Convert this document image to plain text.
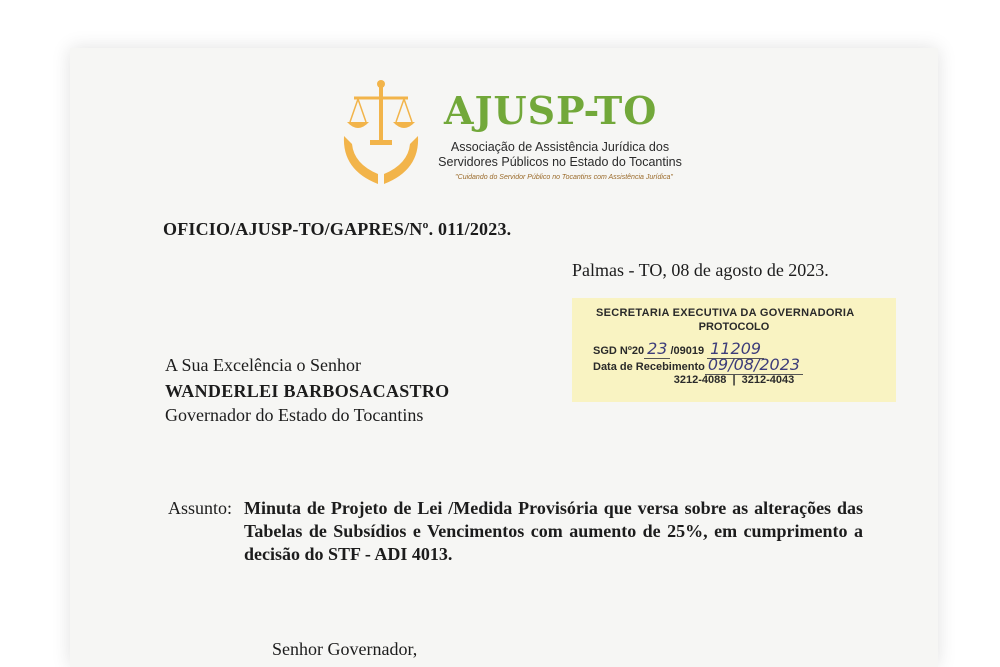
AJUSP-TO
Associação de Assistência Jurídica dos
Servidores Públicos no Estado do Tocantins
"Cuidando do Servidor Público no Tocantins com Assistência Jurídica"
OFICIO/AJUSP-TO/GAPRES/Nº. 011/2023.
Palmas - TO, 08 de agosto de 2023.
SECRETARIA EXECUTIVA DA GOVERNADORIA
PROTOCOLO
SGD Nº20 23 /09019 11209
Data de Recebimento 09/08/2023
3212-4088  |  3212-4043
A Sua Excelência o Senhor
WANDERLEI BARBOSACASTRO
Governador do Estado do Tocantins
Assunto: Minuta de Projeto de Lei /Medida Provisória que versa sobre as alterações das Tabelas de Subsídios e Vencimentos com aumento de 25%, em cumprimento a decisão do STF - ADI 4013.
Senhor Governador,
